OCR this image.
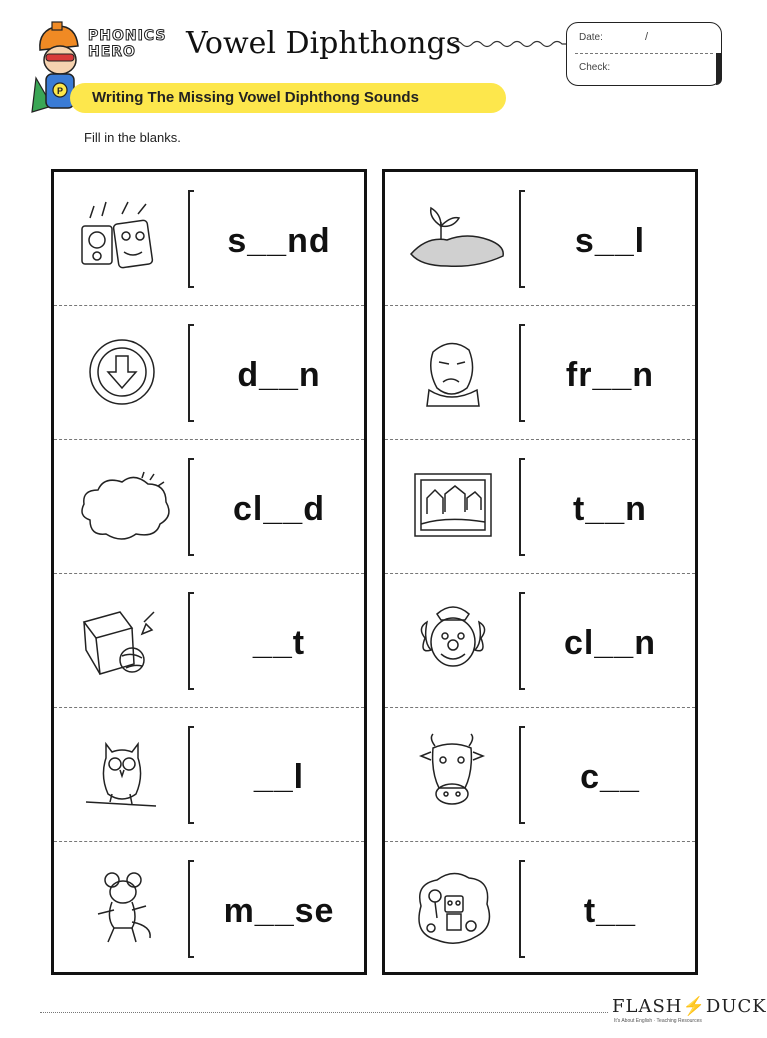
P
PHONICS
HERO	Vowel Diphthongs	Date:	/
Check:
Writing The Missing Vowel Diphthong Sounds
Fill in the blanks.
s__nd
d__n
cl__d
__t
__l
m__se
s__l
fr__n
t__n
cl__n
c__
t__
FLASH⚡DUCK
It's About English · Teaching Resources
